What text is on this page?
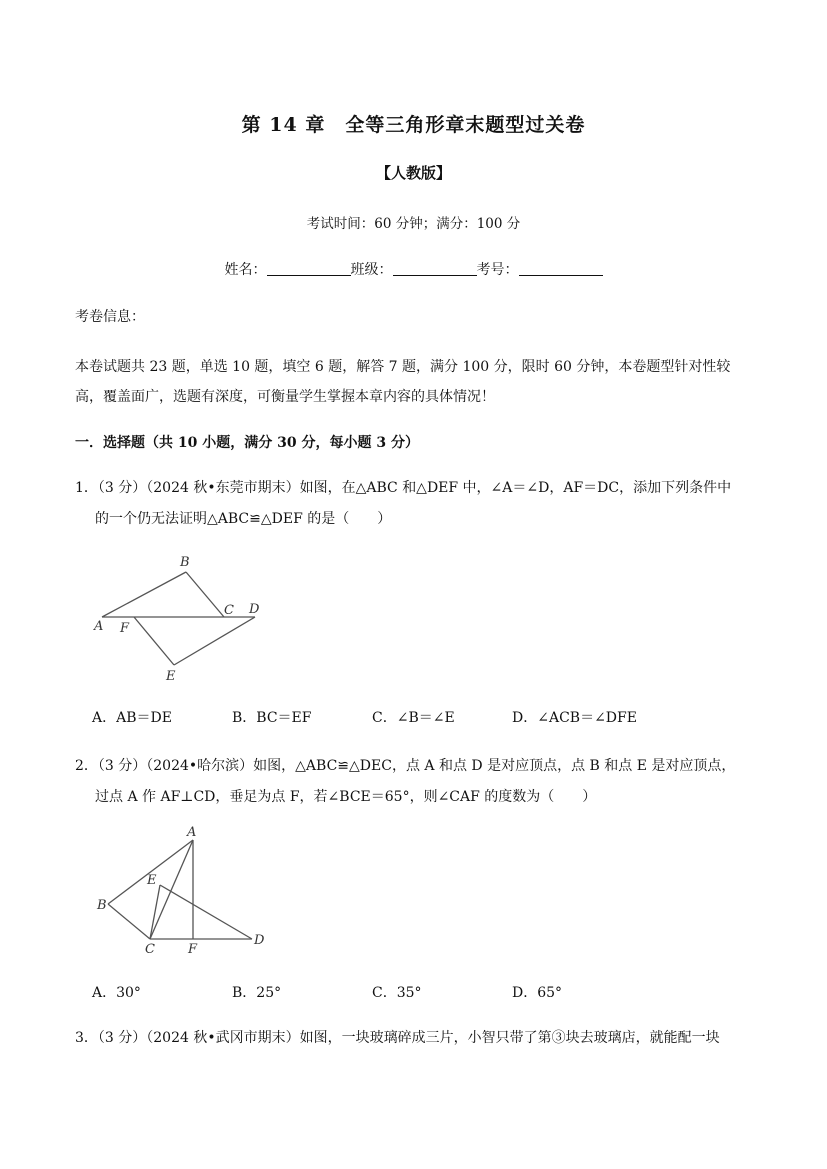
第 14 章　全等三角形章末题型过关卷
【人教版】
考试时间：60 分钟；满分：100 分
姓名：	班级：	考号：
考卷信息：
本卷试题共 23 题，单选 10 题，填空 6 题，解答 7 题，满分 100 分，限时 60 分钟，本卷题型针对性较高，覆盖面广，选题有深度，可衡量学生掌握本章内容的具体情况！
一．选择题（共 10 小题，满分 30 分，每小题 3 分）
1．（3 分）（2024 秋•东莞市期末）如图，在△ABC 和△DEF 中，∠A＝∠D，AF＝DC，添加下列条件中
的一个仍无法证明△ABC≌△DEF 的是（　　）
A
B
C D
E
F
A．AB＝DE	B．BC＝EF	C．∠B＝∠E	D．∠ACB＝∠DFE
2．（3 分）（2024•哈尔滨）如图，△ABC≌△DEC，点 A 和点 D 是对应顶点，点 B 和点 E 是对应顶点，
过点 A 作 AF⊥CD，垂足为点 F，若∠BCE＝65°，则∠CAF 的度数为（　　）
A
B
C
D
E
F
A．30°	B．25°	C．35°	D．65°
3．（3 分）（2024 秋•武冈市期末）如图，一块玻璃碎成三片，小智只带了第③块去玻璃店，就能配一块
